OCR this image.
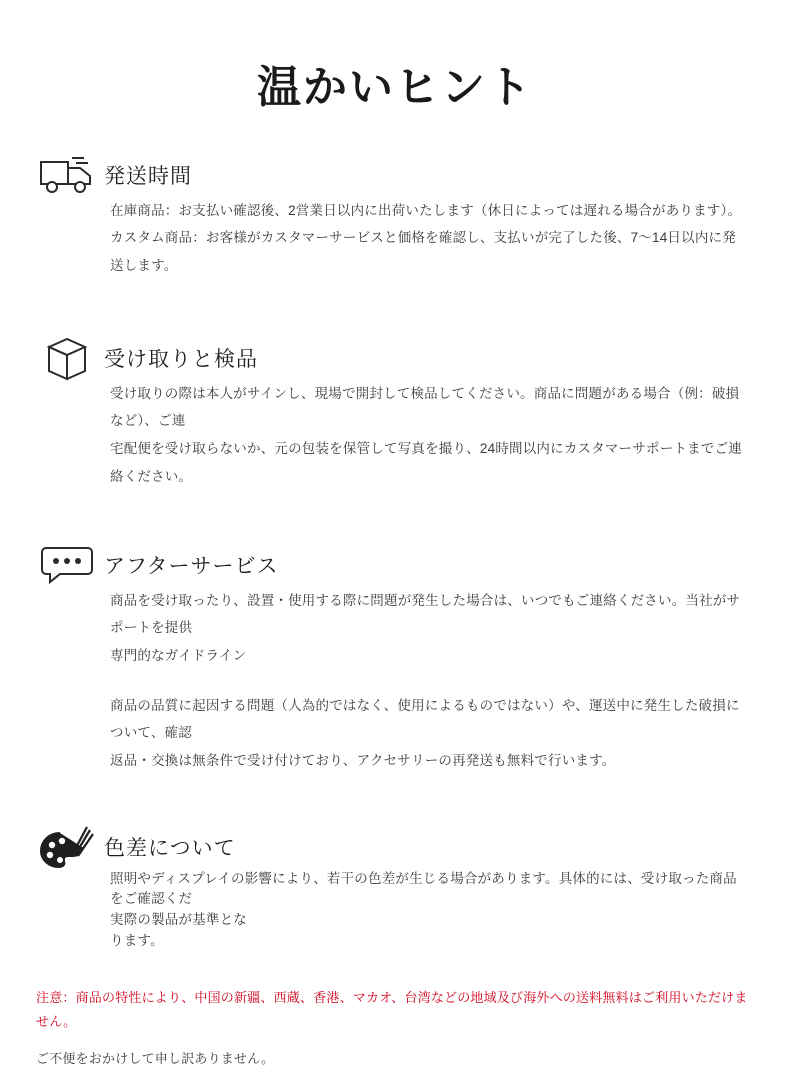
温かいヒント
発送時間

在庫商品：お支払い確認後、2営業日以内に出荷いたします（休日によっては遅れる場合があります）。

カスタム商品：お客様がカスタマーサービスと価格を確認し、支払いが完了した後、7〜14日以内に発送します。

受け取りと検品

受け取りの際は本人がサインし、現場で開封して検品してください。商品に問題がある場合（例：破損など）、ご連

宅配便を受け取らないか、元の包装を保管して写真を撮り、24時間以内にカスタマーサポートまでご連絡ください。

アフターサービス

商品を受け取ったり、設置・使用する際に問題が発生した場合は、いつでもご連絡ください。当社がサポートを提供

専門的なガイドライン

商品の品質に起因する問題（人為的ではなく、使用によるものではない）や、運送中に発生した破損について、確認

返品・交換は無条件で受け付けており、アクセサリーの再発送も無料で行います。

色差について

照明やディスプレイの影響により、若干の色差が生じる場合があります。具体的には、受け取った商品をご確認くだ

実際の製品が基準とな

ります。

注意：商品の特性により、中国の新疆、西蔵、香港、マカオ、台湾などの地域及び海外への送料無料はご利用いただけません。
ご不便をおかけして申し訳ありません。
